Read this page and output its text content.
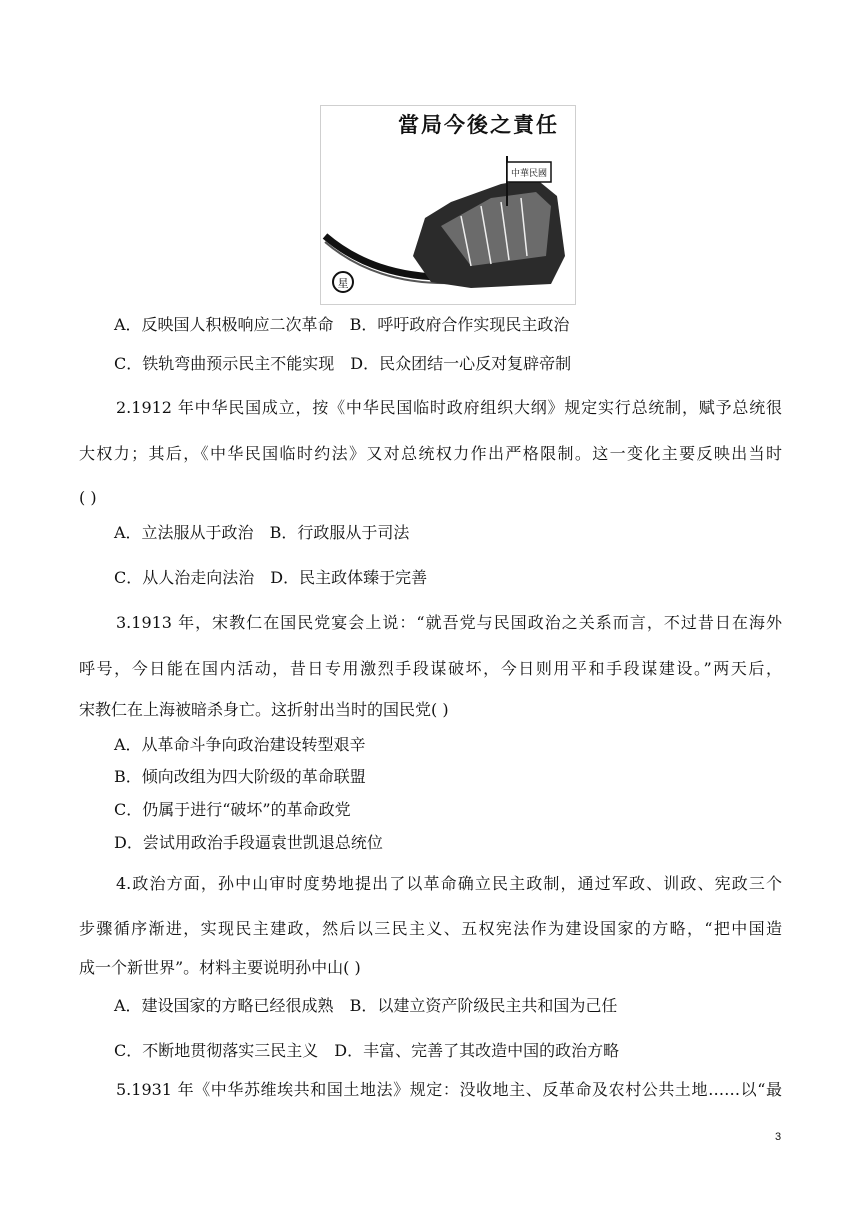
當局今後之責任
中華民國
星
A．反映国人积极响应二次革命　 B．呼吁政府合作实现民主政治
C．铁轨弯曲预示民主不能实现　 D．民众团结一心反对复辟帝制
2.1912 年中华民国成立，按《中华民国临时政府组织大纲》规定实行总统制，赋予总统很
大权力；其后，《中华民国临时约法》又对总统权力作出严格限制。这一变化主要反映出当时
( )
A．立法服从于政治　 B．行政服从于司法
C．从人治走向法治　 D．民主政体臻于完善
3.1913 年，宋教仁在国民党宴会上说：“就吾党与民国政治之关系而言，不过昔日在海外
呼号，今日能在国内活动，昔日专用激烈手段谋破坏，今日则用平和手段谋建设。”两天后，
宋教仁在上海被暗杀身亡。这折射出当时的国民党( )
A．从革命斗争向政治建设转型艰辛
B．倾向改组为四大阶级的革命联盟
C．仍属于进行“破坏”的革命政党
D．尝试用政治手段逼袁世凯退总统位
4.政治方面，孙中山审时度势地提出了以革命确立民主政制，通过军政、训政、宪政三个
步骤循序渐进，实现民主建政，然后以三民主义、五权宪法作为建设国家的方略，“把中国造
成一个新世界”。材料主要说明孙中山( )
A．建设国家的方略已经很成熟　 B．以建立资产阶级民主共和国为己任
C．不断地贯彻落实三民主义　 D．丰富、完善了其改造中国的政治方略
5.1931 年《中华苏维埃共和国土地法》规定：没收地主、反革命及农村公共土地……以“最
3
